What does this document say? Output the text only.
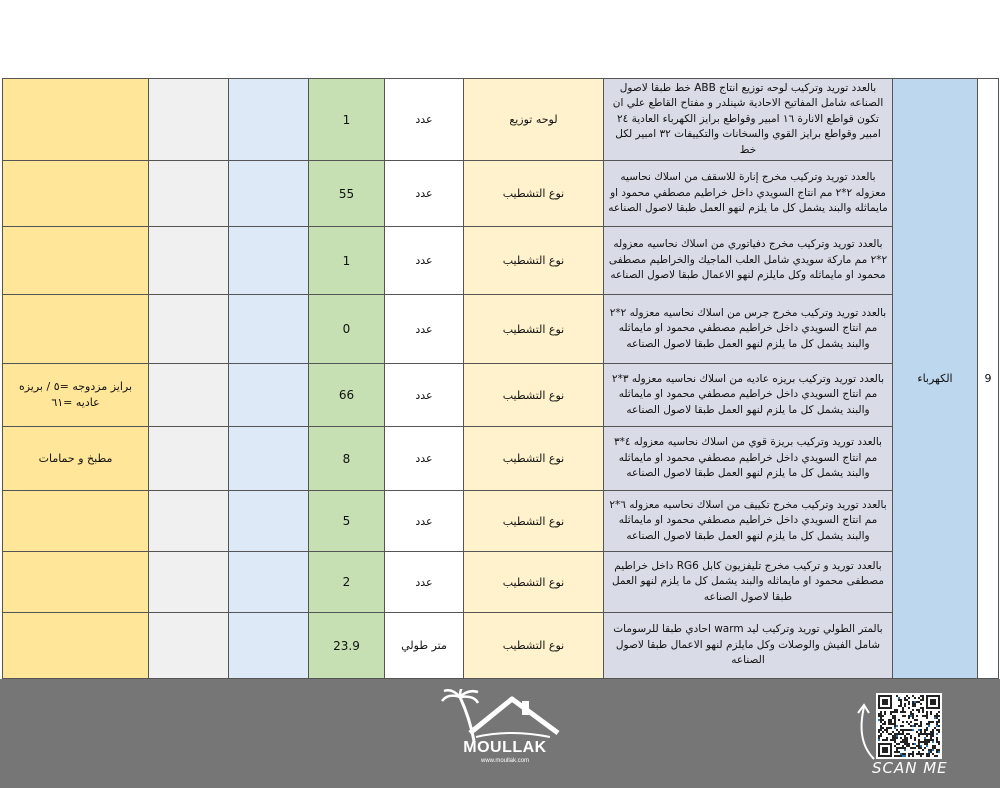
9	الكهرباء	بالعدد توريد وتركيب لوحه توزيع انتاج ABB خط طبقا لاصول الصناعه شامل المفاتيح الاحادية شينلدر و مفتاح القاطع علي ان تكون قواطع الانارة ١٦ امبير وقواطع برايز الكهرباء العادية ٢٤ امبير وقواطع برايز القوي والسخانات والتكييفات ٣٢ امبير لكل خط	لوحه توزيع	عدد	1			
		بالعدد توريد وتركيب مخرج إنارة للاسقف من اسلاك نحاسيه معزوله ٢*٢ مم انتاج السويدي داخل خراطيم مصطفي محمود او مايماثله والبند يشمل كل ما يلزم لنهو العمل طبقا لاصول الصناعه	نوع التشطيب	عدد	55			
		بالعدد توريد وتركيب مخرج دفياتوري من اسلاك نحاسيه معزوله ٢*٢ مم ماركة سويدي شامل العلب الماجيك والخراطيم مصطفى محمود او مايماثله وكل مايلزم لنهو الاعمال طبقا لاصول الصناعه	نوع التشطيب	عدد	1			
		بالعدد توريد وتركيب مخرج جرس من اسلاك نحاسيه معزوله ٢*٢ مم انتاج السويدي داخل خراطيم مصطفي محمود او مايماثله والبند يشمل كل ما يلزم لنهو العمل طبقا لاصول الصناعه	نوع التشطيب	عدد	0			
		بالعدد توريد وتركيب بريزه عاديه من اسلاك نحاسيه معزوله ٣*٢ مم انتاج السويدي داخل خراطيم مصطفي محمود او مايماثله والبند يشمل كل ما يلزم لنهو العمل طبقا لاصول الصناعه	نوع التشطيب	عدد	66			برايز مزدوجه =٥ / بريزه عاديه =٦١
		بالعدد توريد وتركيب بريزة قوي من اسلاك نحاسيه معزوله ٤*٣ مم انتاج السويدي داخل خراطيم مصطفي محمود او مايماثله والبند يشمل كل ما يلزم لنهو العمل طبقا لاصول الصناعه	نوع التشطيب	عدد	8			مطبخ و حمامات
		بالعدد توريد وتركيب مخرج تكييف من اسلاك نحاسيه معزوله ٦*٢ مم انتاج السويدي داخل خراطيم مصطفي محمود او مايماثله والبند يشمل كل ما يلزم لنهو العمل طبقا لاصول الصناعه	نوع التشطيب	عدد	5			
		بالعدد توريد و تركيب مخرج تليفزيون كابل RG6 داخل خراطيم مصطفى محمود او مايماثله والبند يشمل كل ما يلزم لنهو العمل طبقا لاصول الصناعه	نوع التشطيب	عدد	2			
		بالمتر الطولي توريد وتركيب ليد warm احادي طبقا للرسومات شامل الفيش والوصلات وكل مايلزم لنهو الاعمال طبقا لاصول الصناعه	نوع التشطيب	متر طولي	23.9			
MOULLAK
www.moullak.com	SCAN ME
